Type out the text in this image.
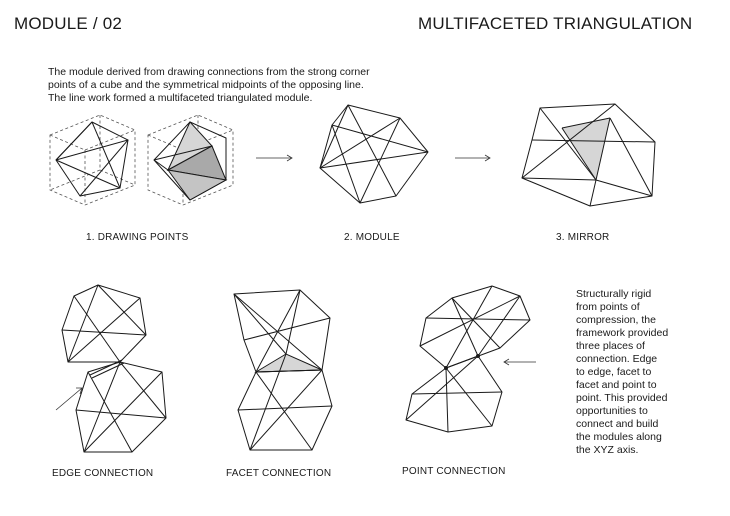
MODULE / 02	MULTIFACETED TRIANGULATION
The module derived from drawing connections from the strong corner
points of a cube and the symmetrical midpoints of the opposing line.
The line work formed a multifaceted triangulated module.
1. DRAWING POINTS	2. MODULE	3. MIRROR
EDGE CONNECTION	FACET CONNECTION	POINT CONNECTION
Structurally rigid
from points of
compression, the
framework provided
three places of
connection. Edge
to edge, facet to
facet and point to
point. This provided
opportunities to
connect and build
the modules along
the XYZ axis.
